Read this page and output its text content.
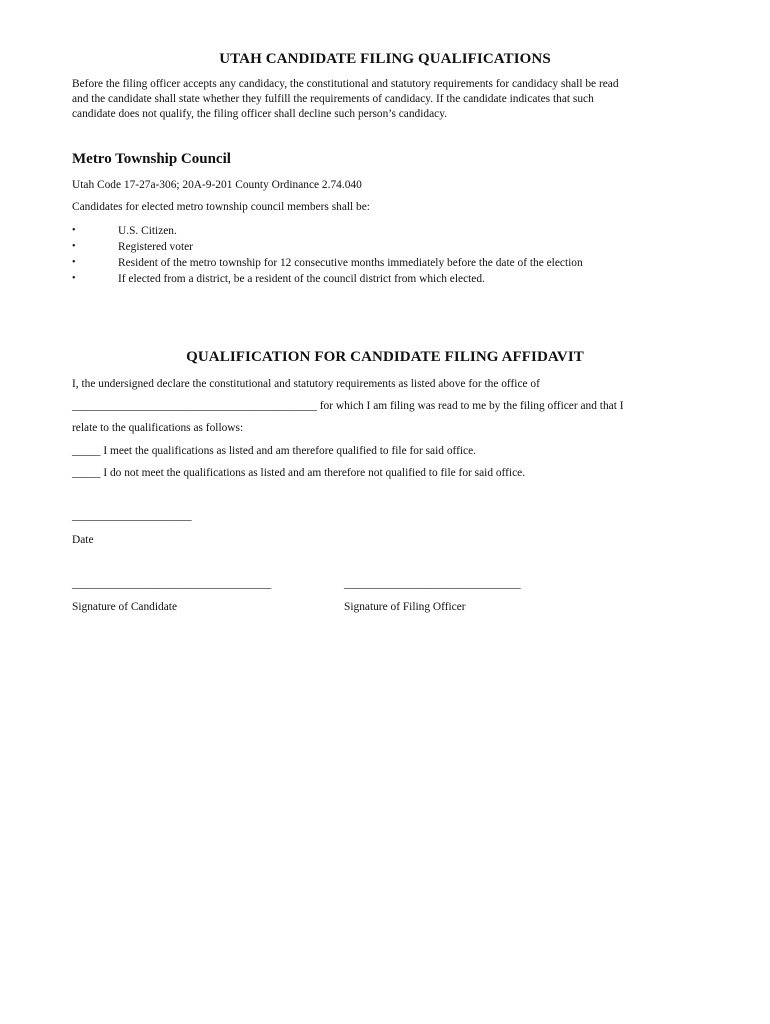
UTAH CANDIDATE FILING QUALIFICATIONS
Before the filing officer accepts any candidacy, the constitutional and statutory requirements for candidacy shall be read and the candidate shall state whether they fulfill the requirements of candidacy. If the candidate indicates that such candidate does not qualify, the filing officer shall decline such person’s candidacy.
Metro Township Council
Utah Code 17-27a-306; 20A-9-201 County Ordinance 2.74.040
Candidates for elected metro township council members shall be:
•	U.S. Citizen.
•	Registered voter
•	Resident of the metro township for 12 consecutive months immediately before the date of the election
•	If elected from a district, be a resident of the council district from which elected.
QUALIFICATION FOR CANDIDATE FILING AFFIDAVIT
I, the undersigned declare the constitutional and statutory requirements as listed above for the office of
___________________________________________ for which I am filing was read to me by the filing officer and that I
relate to the qualifications as follows:
_____ I meet the qualifications as listed and am therefore qualified to file for said office.
_____ I do not meet the qualifications as listed and am therefore not qualified to file for said office.
_____________________
Date
___________________________________	_______________________________
Signature of Candidate	Signature of Filing Officer
